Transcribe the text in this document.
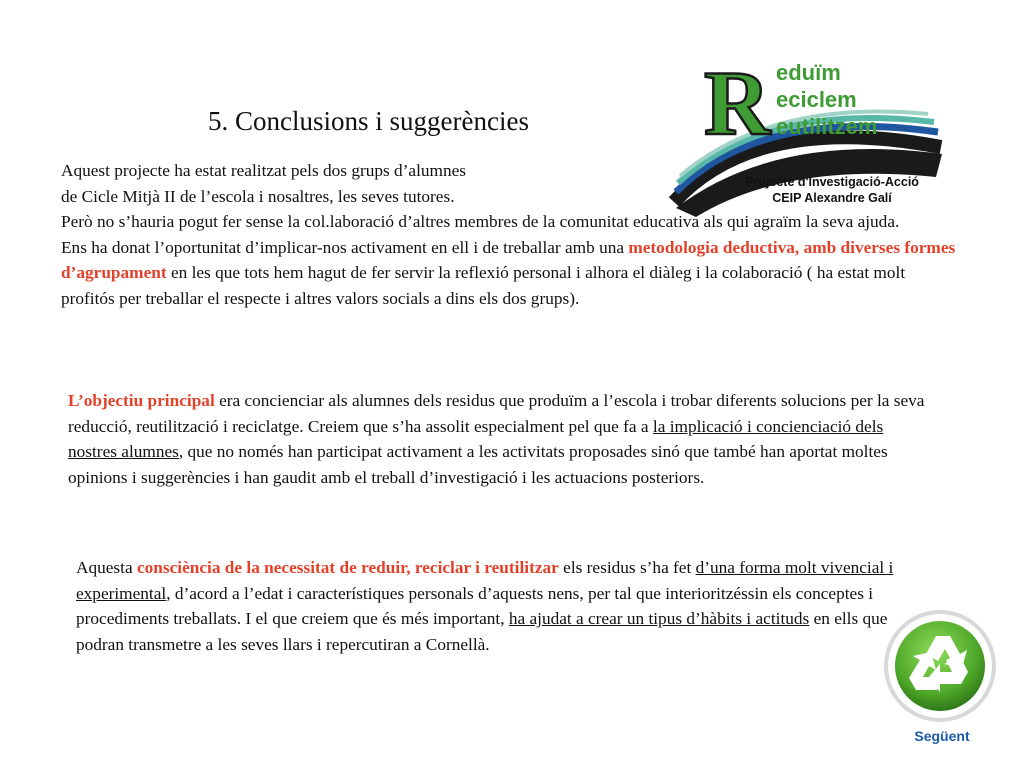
5. Conclusions i suggerències R eduïm
eciclem
eutilitzem
Projecte d'Investigació-Acció
CEIP Alexandre Galí
Aquest projecte ha estat realitzat pels dos grups d’alumnes
de Cicle Mitjà II de l’escola i nosaltres, les seves tutores.
Però no s’hauria pogut fer sense la col.laboració d’altres membres de la comunitat educativa als qui agraïm la seva ajuda.
Ens ha donat l’oportunitat d’implicar-nos activament en ell i de treballar amb una metodologia deductiva, amb diverses formes d’agrupament en les que tots hem hagut de fer servir la reflexió personal i alhora el diàleg i la colaboració ( ha estat molt profitós per treballar el respecte i altres valors socials a dins els dos grups).
L’objectiu principal era concienciar als alumnes dels residus que produïm a l’escola i trobar diferents solucions per la seva reducció, reutilització i reciclatge. Creiem que s’ha assolit especialment pel que fa a la implicació i concienciació dels nostres alumnes, que no només han participat activament a les activitats proposades sinó que també han aportat moltes opinions i suggerències i han gaudit amb el treball d’investigació i les actuacions posteriors.
Aquesta consciència de la necessitat de reduir, reciclar i reutilitzar els residus s’ha fet d’una forma molt vivencial i experimental, d’acord a l’edat i característiques personals d’aquests nens, per tal que interioritzéssin els conceptes i procediments treballats. I el que creiem que és més important, ha ajudat a crear un tipus d’hàbits i actituds en ells que podran transmetre a les seves llars i repercutiran a Cornellà.
Següent
